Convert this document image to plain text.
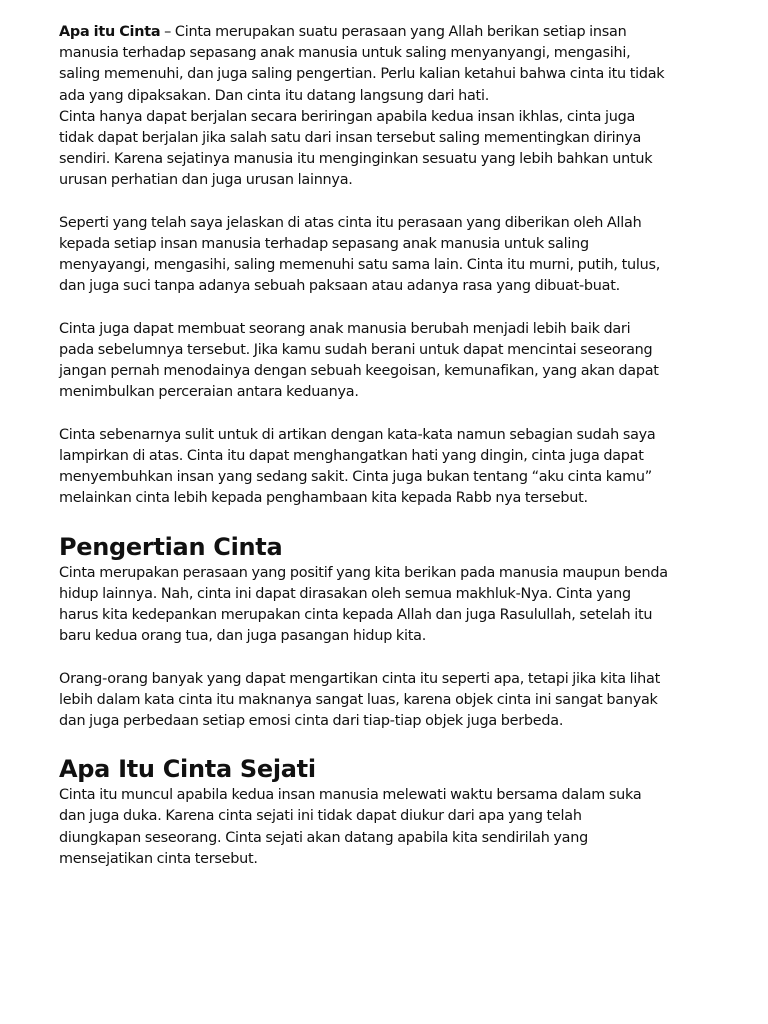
Apa itu Cinta – Cinta merupakan suatu perasaan yang Allah berikan setiap insan
manusia terhadap sepasang anak manusia untuk saling menyanyangi, mengasihi,
saling memenuhi, dan juga saling pengertian. Perlu kalian ketahui bahwa cinta itu tidak
ada yang dipaksakan. Dan cinta itu datang langsung dari hati.
Cinta hanya dapat berjalan secara beriringan apabila kedua insan ikhlas, cinta juga
tidak dapat berjalan jika salah satu dari insan tersebut saling mementingkan dirinya
sendiri. Karena sejatinya manusia itu menginginkan sesuatu yang lebih bahkan untuk
urusan perhatian dan juga urusan lainnya.

Seperti yang telah saya jelaskan di atas cinta itu perasaan yang diberikan oleh Allah
kepada setiap insan manusia terhadap sepasang anak manusia untuk saling
menyayangi, mengasihi, saling memenuhi satu sama lain. Cinta itu murni, putih, tulus,
dan juga suci tanpa adanya sebuah paksaan atau adanya rasa yang dibuat-buat.

Cinta juga dapat membuat seorang anak manusia berubah menjadi lebih baik dari
pada sebelumnya tersebut. Jika kamu sudah berani untuk dapat mencintai seseorang
jangan pernah menodainya dengan sebuah keegoisan, kemunafikan, yang akan dapat
menimbulkan perceraian antara keduanya.

Cinta sebenarnya sulit untuk di artikan dengan kata-kata namun sebagian sudah saya
lampirkan di atas. Cinta itu dapat menghangatkan hati yang dingin, cinta juga dapat
menyembuhkan insan yang sedang sakit. Cinta juga bukan tentang “aku cinta kamu”
melainkan cinta lebih kepada penghambaan kita kepada Rabb nya tersebut.

Pengertian Cinta

Cinta merupakan perasaan yang positif yang kita berikan pada manusia maupun benda
hidup lainnya. Nah, cinta ini dapat dirasakan oleh semua makhluk-Nya. Cinta yang
harus kita kedepankan merupakan cinta kepada Allah dan juga Rasulullah, setelah itu
baru kedua orang tua, dan juga pasangan hidup kita.

Orang-orang banyak yang dapat mengartikan cinta itu seperti apa, tetapi jika kita lihat
lebih dalam kata cinta itu maknanya sangat luas, karena objek cinta ini sangat banyak
dan juga perbedaan setiap emosi cinta dari tiap-tiap objek juga berbeda.

Apa Itu Cinta Sejati

Cinta itu muncul apabila kedua insan manusia melewati waktu bersama dalam suka
dan juga duka. Karena cinta sejati ini tidak dapat diukur dari apa yang telah
diungkapan seseorang. Cinta sejati akan datang apabila kita sendirilah yang
mensejatikan cinta tersebut.
